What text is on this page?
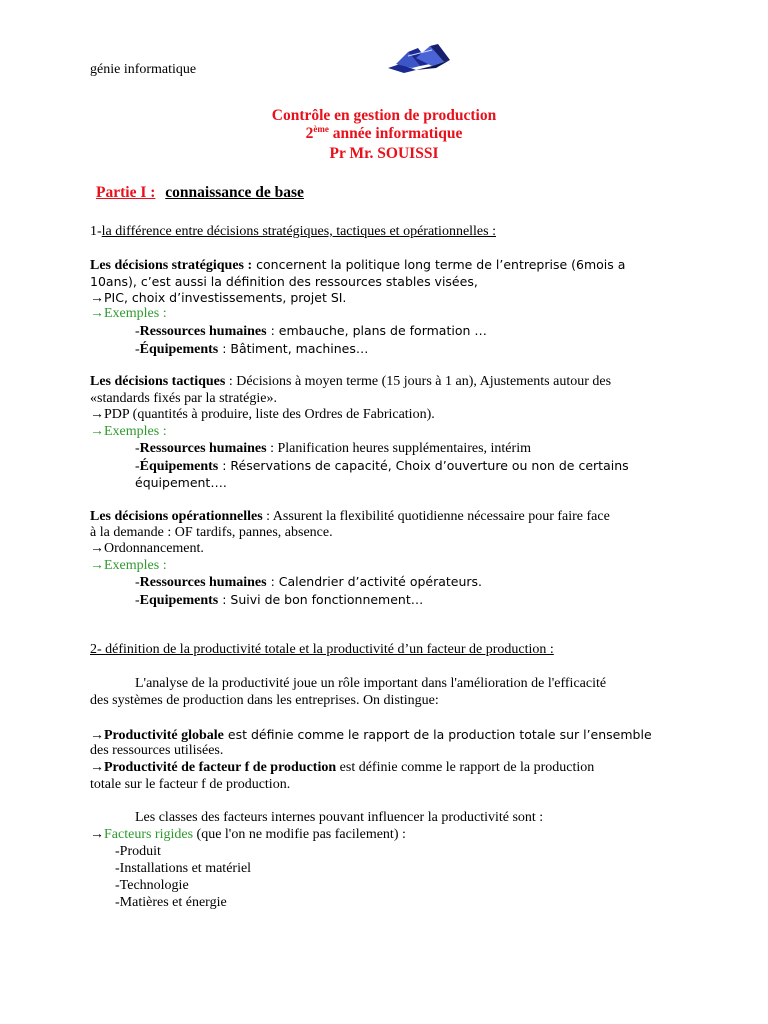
génie informatique
Contrôle en gestion de production
2ème année informatique
Pr Mr. SOUISSI
Partie I : connaissance de base
1-la différence entre décisions stratégiques, tactiques et opérationnelles :
Les décisions stratégiques : concernent la politique long terme de l’entreprise (6mois a
10ans), c’est aussi la définition des ressources stables visées,
→PIC, choix d’investissements, projet SI.
→Exemples :
-Ressources humaines : embauche, plans de formation …
-Équipements : Bâtiment, machines…
Les décisions tactiques : Décisions à moyen terme (15 jours à 1 an), Ajustements autour des
«standards fixés par la stratégie».
→PDP (quantités à produire, liste des Ordres de Fabrication).
→Exemples :
-Ressources humaines : Planification heures supplémentaires, intérim
-Équipements : Réservations de capacité, Choix d’ouverture ou non de certains
équipement….
Les décisions opérationnelles : Assurent la flexibilité quotidienne nécessaire pour faire face
à la demande : OF tardifs, pannes, absence.
→Ordonnancement.
→Exemples :
-Ressources humaines : Calendrier d’activité opérateurs.
-Equipements : Suivi de bon fonctionnement…
2- définition de la productivité totale et la productivité d’un facteur de production :
L'analyse de la productivité joue un rôle important dans l'amélioration de l'efficacité
des systèmes de production dans les entreprises. On distingue:
→Productivité globale est définie comme le rapport de la production totale sur l’ensemble
des ressources utilisées.
→Productivité de facteur f de production est définie comme le rapport de la production
totale sur le facteur f de production.
Les classes des facteurs internes pouvant influencer la productivité sont :
→Facteurs rigides (que l'on ne modifie pas facilement) :
-Produit
-Installations et matériel
-Technologie
-Matières et énergie
